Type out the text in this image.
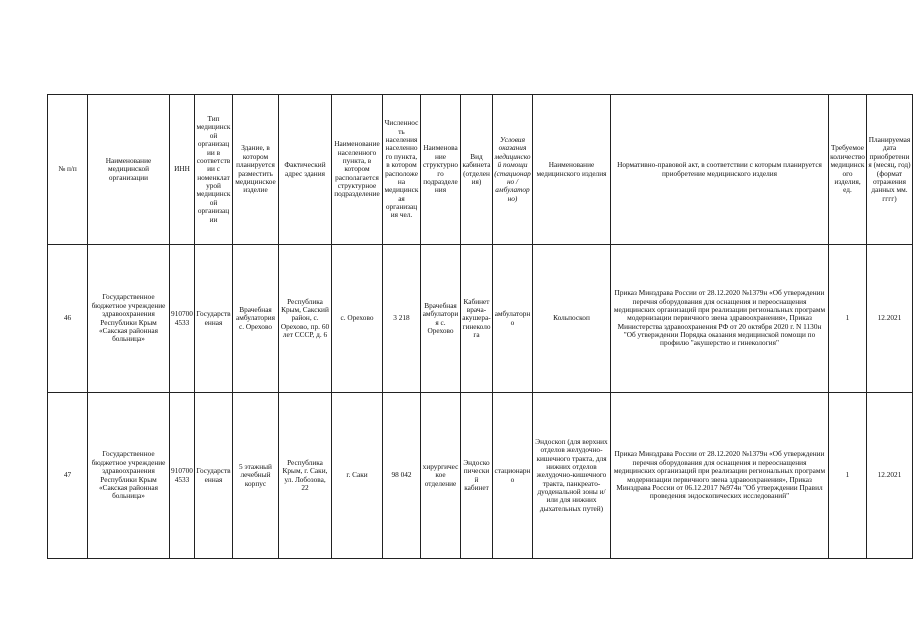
№ п/п	Наименование медицинской организации	ИНН	Тип медицинской организации в соответствии с номенклатурой медицинской организации	Здание, в котором планируется разместить медицинское изделие	Фактический адрес здания	Наименование населенного пункта, в котором располагается структурное подразделение	Численность населения населенного пункта, в котором расположена медицинская организация чел.	Наименование структурного подразделения	Вид кабинета (отделения)	Условия оказания медицинской помощи (стационарно / амбулаторно)	Наименование медицинского изделия	Нормативно-правовой акт, в соответствии с которым планируется приобретение медицинского изделия	Требуемое количество медицинского изделия, ед.	Планируемая дата приобретения (месяц, год) (формат отражения данных мм. гггг)
46	Государственное бюджетное учреждение здравоохранения Республики Крым «Сакская районная больница»	9107004533	Государственная	Врачебная амбулатория с. Орехово	Республика Крым, Сакский район, с. Орехово, пр. 60 лет СССР, д. 6	с. Орехово	3 218	Врачебная амбулатория с. Орехово	Кабинет врача-акушера-гинеколога	амбулаторно	Кольпоскоп	Приказ Минздрава России от 28.12.2020 №1379н «Об утверждении перечня оборудования для оснащения и переоснащения медицинских организаций при реализации региональных программ модернизации первичного звена здравоохранения», Приказ Министерства здравоохранения РФ от 20 октября 2020 г. N 1130н "Об утверждении Порядка оказания медицинской помощи по профилю "акушерство и гинекология"	1	12.2021
47	Государственное бюджетное учреждение здравоохранения Республики Крым «Сакская районная больница»	9107004533	Государственная	5 этажный лечебный корпус	Республика Крым, г. Саки, ул. Лобозова, 22	г. Саки	98 042	хирургическое отделение	Эндоскопический кабинет	стационарно	Эндоскоп (для верхних отделов желудочно-кишечного тракта, для нижних отделов желудочно-кишечного тракта, панкреато-дуоденальной зоны и/или для нижних дыхательных путей)	Приказ Минздрава России от 28.12.2020 №1379н «Об утверждении перечня оборудования для оснащения и переоснащения медицинских организаций при реализации региональных программ модернизации первичного звена здравоохранения», Приказ Минздрава России от 06.12.2017 №974н "Об утверждении Правил проведения эндоскопических исследований"	1	12.2021
